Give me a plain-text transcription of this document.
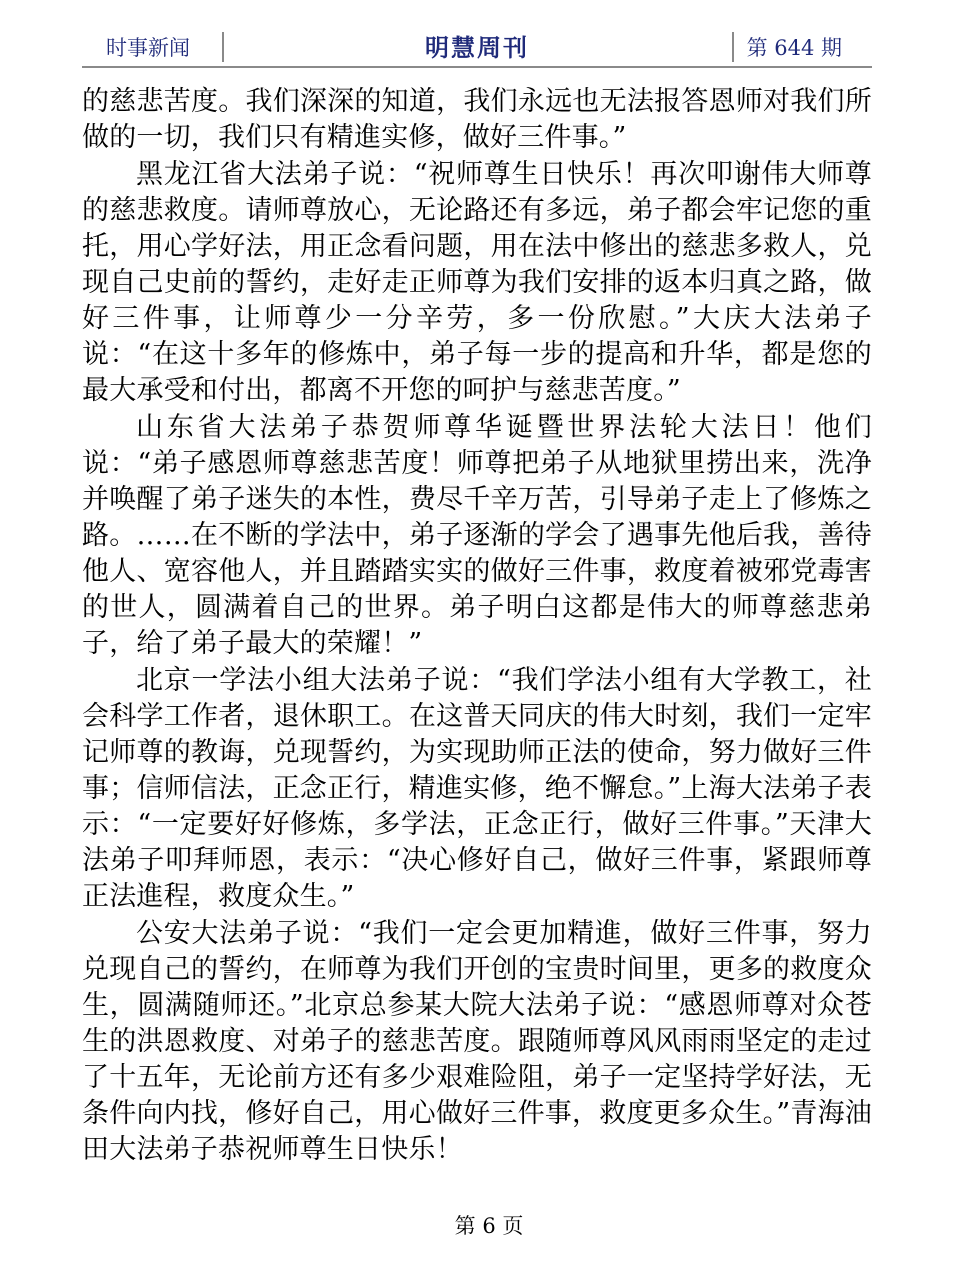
时事新闻	明慧周刊	第 644 期

的慈悲苦度。我们深深的知道，我们永远也无法报答恩师对我们所做的一切，我们只有精進实修，做好三件事。”

黑龙江省大法弟子说：“祝师尊生日快乐！再次叩谢伟大师尊的慈悲救度。请师尊放心，无论路还有多远，弟子都会牢记您的重托，用心学好法，用正念看问题，用在法中修出的慈悲多救人，兑现自己史前的誓约，走好走正师尊为我们安排的返本归真之路，做好三件事，让师尊少一分辛劳，多一份欣慰。”大庆大法弟子说：“在这十多年的修炼中，弟子每一步的提高和升华，都是您的最大承受和付出，都离不开您的呵护与慈悲苦度。”

山东省大法弟子恭贺师尊华诞暨世界法轮大法日！他们说：“弟子感恩师尊慈悲苦度！师尊把弟子从地狱里捞出来，洗净并唤醒了弟子迷失的本性，费尽千辛万苦，引导弟子走上了修炼之路。……在不断的学法中，弟子逐渐的学会了遇事先他后我，善待他人、宽容他人，并且踏踏实实的做好三件事，救度着被邪党毒害的世人，圆满着自己的世界。弟子明白这都是伟大的师尊慈悲弟子，给了弟子最大的荣耀！”

北京一学法小组大法弟子说：“我们学法小组有大学教工，社会科学工作者，退休职工。在这普天同庆的伟大时刻，我们一定牢记师尊的教诲，兑现誓约，为实现助师正法的使命，努力做好三件事；信师信法，正念正行，精進实修，绝不懈怠。”上海大法弟子表示：“一定要好好修炼，多学法，正念正行，做好三件事。”天津大法弟子叩拜师恩，表示：“决心修好自己，做好三件事，紧跟师尊正法進程，救度众生。”

公安大法弟子说：“我们一定会更加精進，做好三件事，努力兑现自己的誓约，在师尊为我们开创的宝贵时间里，更多的救度众生，圆满随师还。”北京总参某大院大法弟子说：“感恩师尊对众苍生的洪恩救度、对弟子的慈悲苦度。跟随师尊风风雨雨坚定的走过了十五年，无论前方还有多少艰难险阻，弟子一定坚持学好法，无条件向内找，修好自己，用心做好三件事，救度更多众生。”青海油田大法弟子恭祝师尊生日快乐！

第 6 页
